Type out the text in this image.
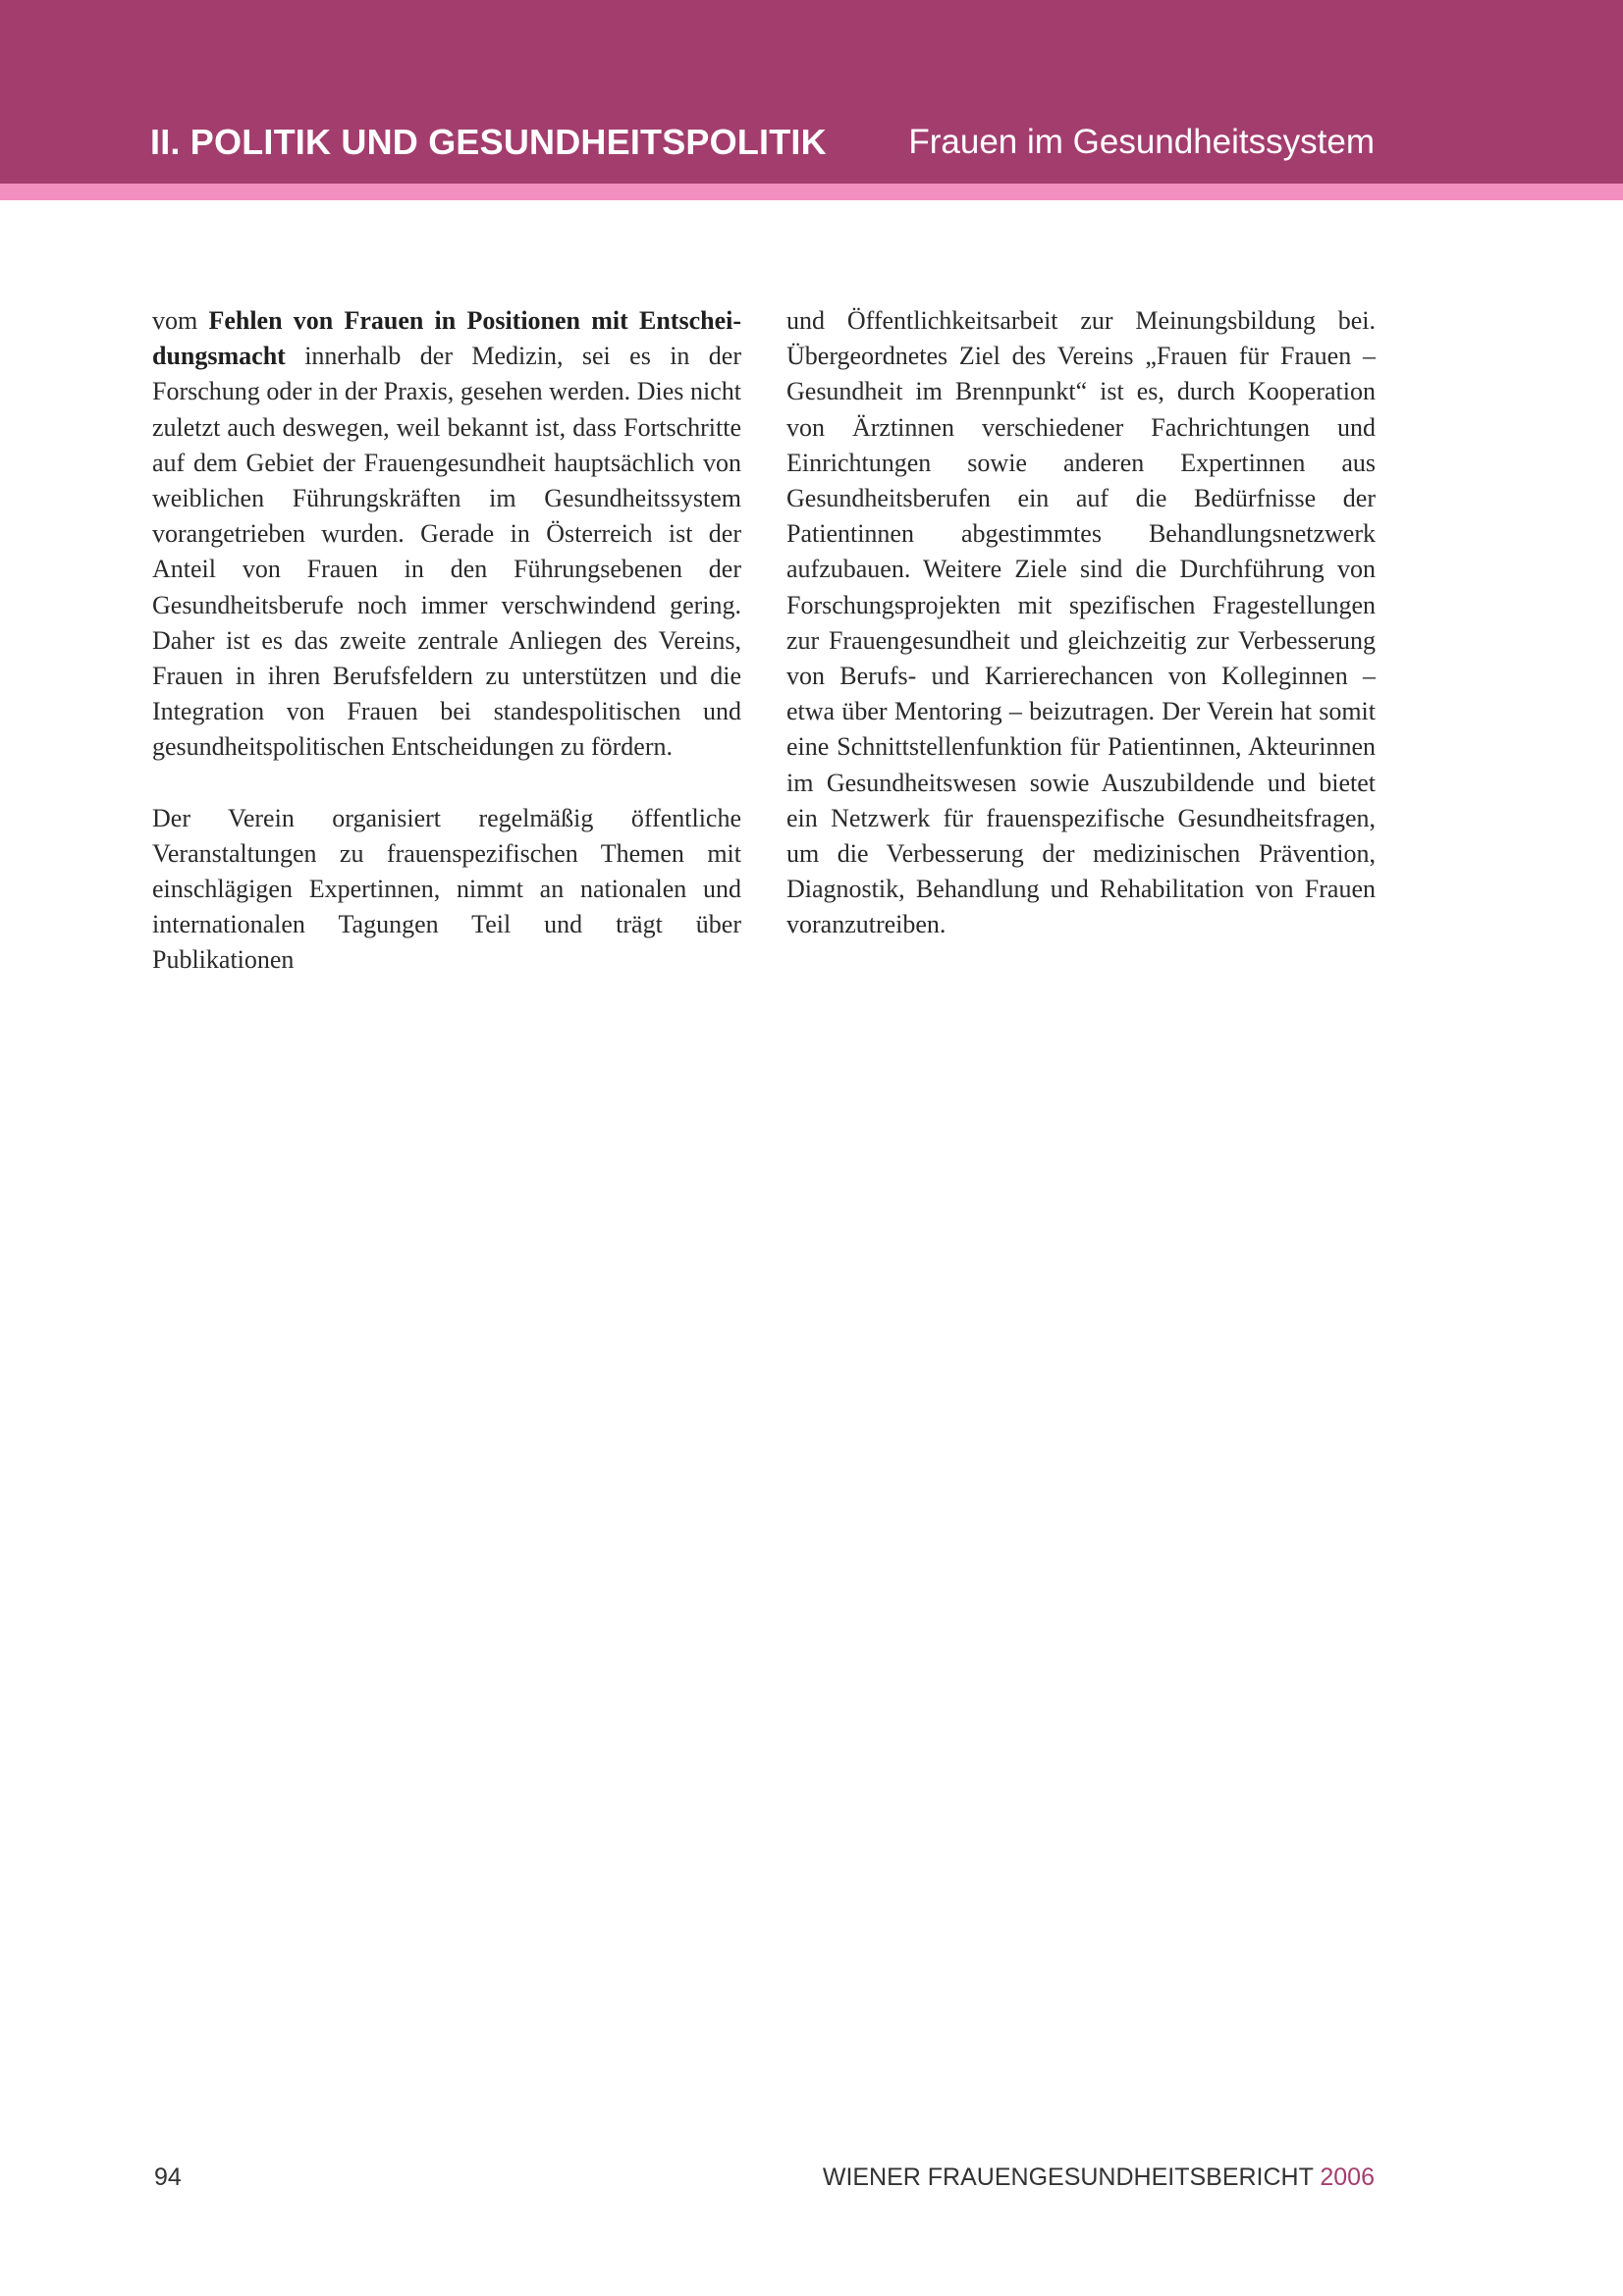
II. POLITIK UND GESUNDHEITSPOLITIK Frauen im Gesundheitssystem

vom Fehlen von Frauen in Positionen mit Entscheidungsmacht innerhalb der Medizin, sei es in der Forschung oder in der Praxis, gesehen werden. Dies nicht zuletzt auch deswegen, weil bekannt ist, dass Fortschritte auf dem Gebiet der Frauengesundheit hauptsächlich von weiblichen Führungskräften im Gesundheitssystem vorangetrieben wurden. Gerade in Österreich ist der Anteil von Frauen in den Führungsebenen der Gesundheitsberufe noch immer verschwindend gering. Daher ist es das zweite zentrale Anliegen des Vereins, Frauen in ihren Berufsfeldern zu unterstützen und die Integration von Frauen bei standespolitischen und gesundheitspolitischen Entscheidungen zu fördern.

Der Verein organisiert regelmäßig öffentliche Veranstaltungen zu frauenspezifischen Themen mit einschlägigen Expertinnen, nimmt an nationalen und internationalen Tagungen Teil und trägt über Publikationen

und Öffentlichkeitsarbeit zur Meinungsbildung bei. Übergeordnetes Ziel des Vereins „Frauen für Frauen – Gesundheit im Brennpunkt“ ist es, durch Kooperation von Ärztinnen verschiedener Fachrichtungen und Einrichtungen sowie anderen Expertinnen aus Gesundheitsberufen ein auf die Bedürfnisse der Patientinnen abgestimmtes Behandlungsnetzwerk aufzubauen. Weitere Ziele sind die Durchführung von Forschungsprojekten mit spezifischen Fragestellungen zur Frauengesundheit und gleichzeitig zur Verbesserung von Berufs- und Karrierechancen von Kolleginnen – etwa über Mentoring – beizutragen. Der Verein hat somit eine Schnittstellenfunktion für Patientinnen, Akteurinnen im Gesundheitswesen sowie Auszubildende und bietet ein Netzwerk für frauenspezifische Gesundheitsfragen, um die Verbesserung der medizinischen Prävention, Diagnostik, Behandlung und Rehabilitation von Frauen voranzutreiben.

94	WIENER FRAUENGESUNDHEITSBERICHT 2006
